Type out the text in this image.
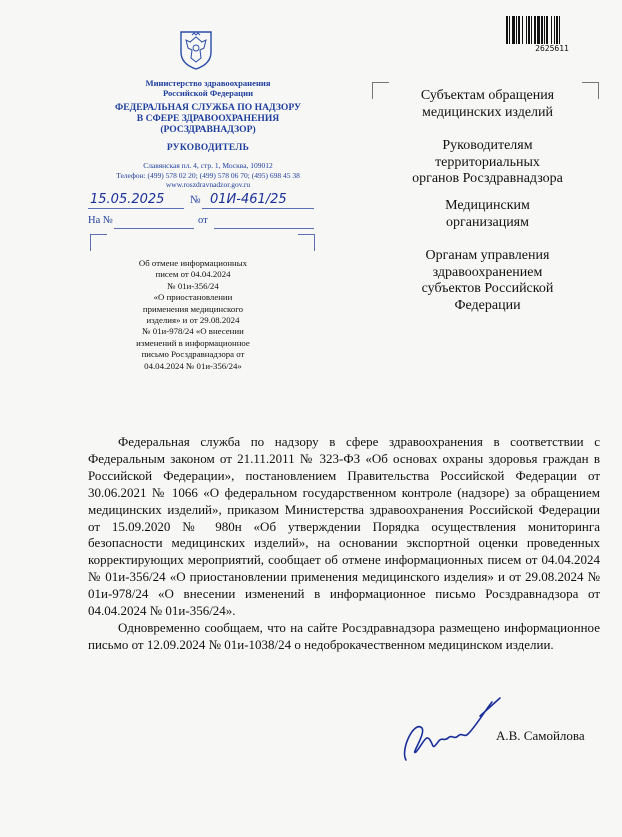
Министерство здравоохранения
Российской Федерации
ФЕДЕРАЛЬНАЯ СЛУЖБА ПО НАДЗОРУ
В СФЕРЕ ЗДРАВООХРАНЕНИЯ
(РОСЗДРАВНАДЗОР)
РУКОВОДИТЕЛЬ
Славянская пл. 4, стр. 1, Москва, 109012
Телефон: (499) 578 02 20; (499) 578 06 70; (495) 698 45 38
www.roszdravnadzor.gov.ru
15.05.2025 № 01И-461/25
На №	от
Об отмене информационных
писем от 04.04.2024
№ 01и-356/24
«О приостановлении
применения медицинского
изделия» и от 29.08.2024
№ 01и-978/24 «О внесении
изменений в информационное
письмо Росздравнадзора от
04.04.2024 № 01и-356/24»
2625611
Субъектам обращения
медицинских изделий
Руководителям
территориальных
органов Росздравнадзора
Медицинским
организациям
Органам управления
здравоохранением
субъектов Российской
Федерации

Федеральная служба по надзору в сфере здравоохранения в соответствии с Федеральным законом от 21.11.2011 № 323-ФЗ «Об основах охраны здоровья граждан в Российской Федерации», постановлением Правительства Российской Федерации от 30.06.2021 № 1066 «О федеральном государственном контроле (надзоре) за обращением медицинских изделий», приказом Министерства здравоохранения Российской Федерации от 15.09.2020 № 980н «Об утверждении Порядка осуществления мониторинга безопасности медицинских изделий», на основании экспортной оценки проведенных корректирующих мероприятий, сообщает об отмене информационных писем от 04.04.2024 № 01и-356/24 «О приостановлении применения медицинского изделия» и от 29.08.2024 № 01и-978/24 «О внесении изменений в информационное письмо Росздравнадзора от 04.04.2024 № 01и-356/24».

Одновременно сообщаем, что на сайте Росздравнадзора размещено информационное письмо от 12.09.2024 № 01и-1038/24 о недоброкачественном медицинском изделии.

А.В. Самойлова
